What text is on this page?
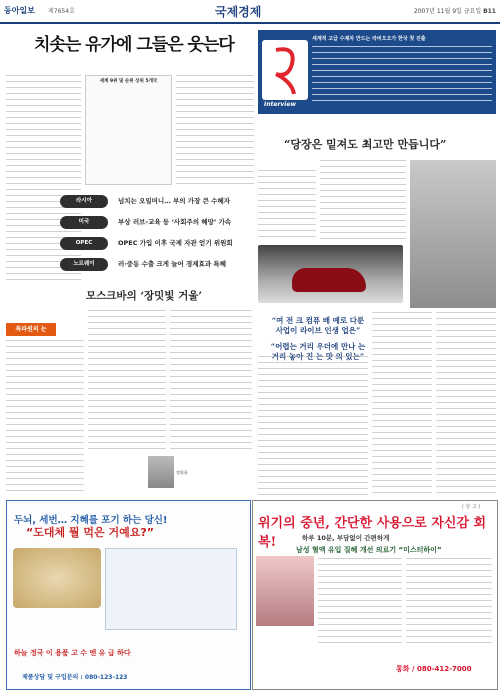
동아일보 제7654호	국제경제	2007년 11월 9일 금요일 B11
치솟는 유가에 그들은 웃는다
세계 9위 및 순위 상위 5개국
Interview
세계적 고급 수제차 만드는 라비오오가 한국 첫 진출
“당장은 밑져도 최고만 만듭니다”
“여 전 크 컴퓨 배 예로 다룬 사업이 라이브 인생 업은”
“어렵는 거리 우더에 만나 는 거리 놓아 진 는 맛 의 있는”
라시아	넘치는 오일머니… 부의 가장 큰 수혜자
미국	부상 러브-교육 등 ‘사회주의 혜망’ 가속
OPEC	OPEC 가입 이후 국제 자관 얻기 위원회
노르웨이	러·중동 수출 크게 늘어 경제효과 특혜
모스크바의 ‘장밋빛 거울’
특파원의 눈
정위용
두뇌, 세번… 지혜를 포기 하는 당신!
“도대체 뭘 먹은 거예요?”
하늘 정국 이 용품 고 수 엔 유 급 하다
제품상담 및 구입문의 : 080-123-123
( 광 고 )
위기의 중년, 간단한 사용으로 자신감 회복!	하루 10분, 부담없이 간편하게
남성 혈액 유입 질혜 개선 의료기 “미스터하이”
통화 / 080-412-7000
